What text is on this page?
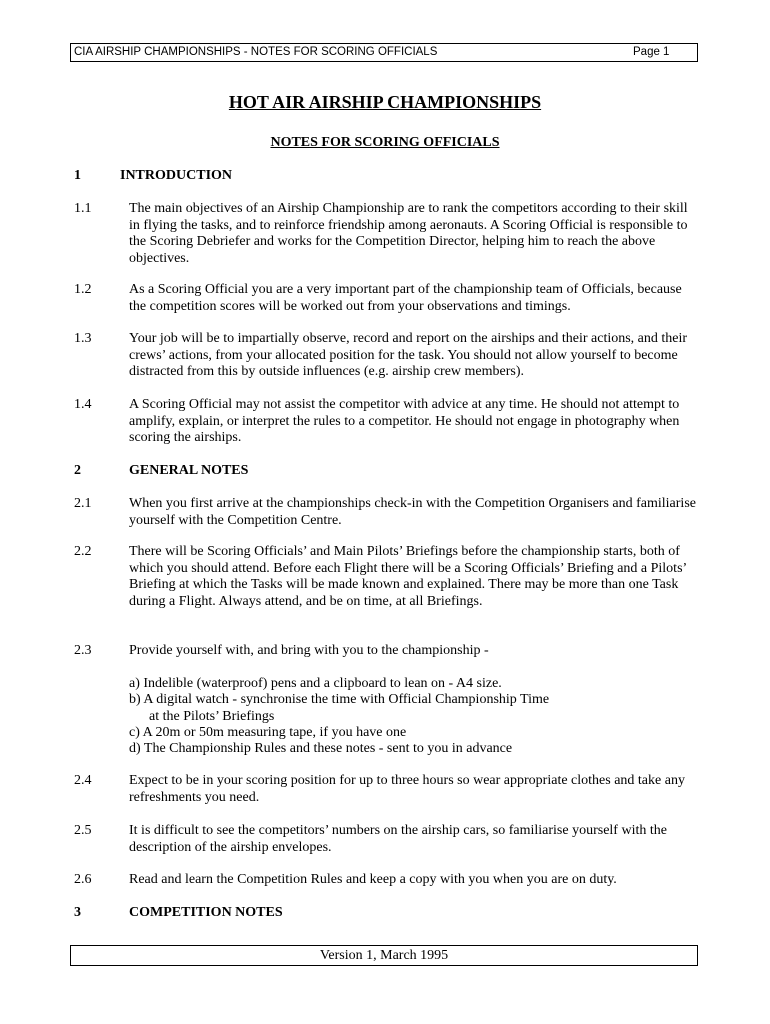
CIA AIRSHIP CHAMPIONSHIPS - NOTES FOR SCORING OFFICIALS	Page 1
HOT AIR AIRSHIP CHAMPIONSHIPS
NOTES FOR SCORING OFFICIALS
1	INTRODUCTION
1.1	The main objectives of an Airship Championship are to rank the competitors according to their skill in flying the tasks, and to reinforce friendship among aeronauts. A Scoring Official is responsible to the Scoring Debriefer and works for the Competition Director, helping him to reach the above objectives.
1.2	As a Scoring Official you are a very important part of the championship team of Officials, because the competition scores will be worked out from your observations and timings.
1.3	Your job will be to impartially observe, record and report on the airships and their actions, and their crews’ actions, from your allocated position for the task. You should not allow yourself to become distracted from this by outside influences (e.g. airship crew members).
1.4	A Scoring Official may not assist the competitor with advice at any time. He should not attempt to amplify, explain, or interpret the rules to a competitor. He should not engage in photography when scoring the airships.
2	GENERAL NOTES
2.1	When you first arrive at the championships check-in with the Competition Organisers and familiarise yourself with the Competition Centre.
2.2	There will be Scoring Officials’ and Main Pilots’ Briefings before the championship starts, both of which you should attend. Before each Flight there will be a Scoring Officials’ Briefing and a Pilots’ Briefing at which the Tasks will be made known and explained. There may be more than one Task during a Flight. Always attend, and be on time, at all Briefings.
2.3	Provide yourself with, and bring with you to the championship -
a) Indelible (waterproof) pens and a clipboard to lean on - A4 size.
b) A digital watch - synchronise the time with Official Championship Time
at the Pilots’ Briefings
c) A 20m or 50m measuring tape, if you have one
d) The Championship Rules and these notes - sent to you in advance
2.4	Expect to be in your scoring position for up to three hours so wear appropriate clothes and take any refreshments you need.
2.5	It is difficult to see the competitors’ numbers on the airship cars, so familiarise yourself with the description of the airship envelopes.
2.6	Read and learn the Competition Rules and keep a copy with you when you are on duty.
3	COMPETITION NOTES
Version 1, March 1995
